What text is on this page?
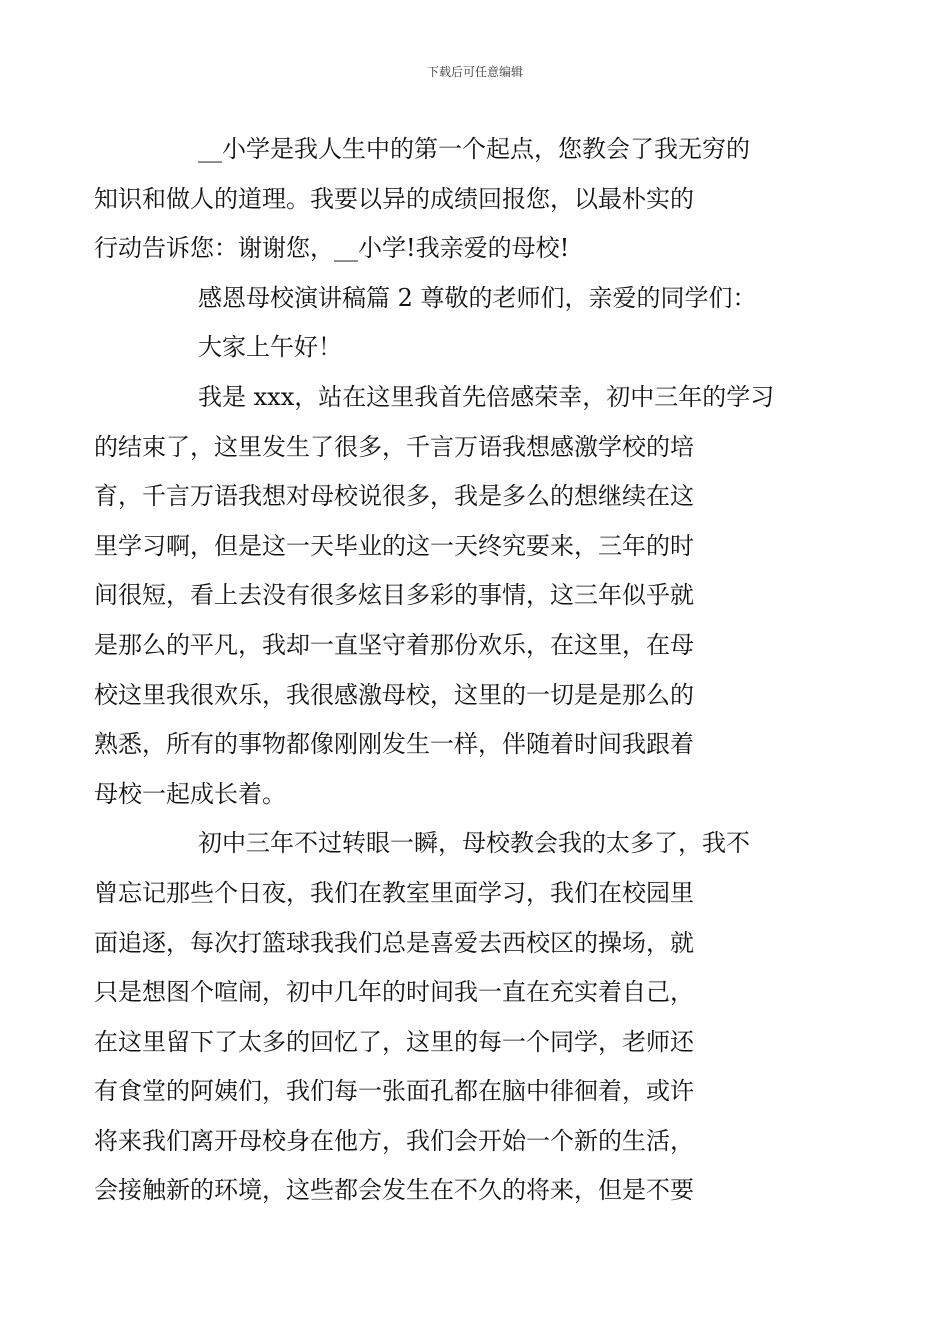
下载后可任意编辑

__小学是我人生中的第一个起点，您教会了我无穷的
知识和做人的道理。我要以异的成绩回报您，以最朴实的
行动告诉您：谢谢您，__小学!我亲爱的母校!

感恩母校演讲稿篇 2 尊敬的老师们，亲爱的同学们：

大家上午好！

我是 xxx，站在这里我首先倍感荣幸，初中三年的学习
的结束了，这里发生了很多，千言万语我想感激学校的培
育，千言万语我想对母校说很多，我是多么的想继续在这
里学习啊，但是这一天毕业的这一天终究要来，三年的时
间很短，看上去没有很多炫目多彩的事情，这三年似乎就
是那么的平凡，我却一直坚守着那份欢乐，在这里，在母
校这里我很欢乐，我很感激母校，这里的一切是是那么的
熟悉，所有的事物都像刚刚发生一样，伴随着时间我跟着
母校一起成长着。

初中三年不过转眼一瞬，母校教会我的太多了，我不
曾忘记那些个日夜，我们在教室里面学习，我们在校园里
面追逐，每次打篮球我我们总是喜爱去西校区的操场，就
只是想图个喧闹，初中几年的时间我一直在充实着自己，
在这里留下了太多的回忆了，这里的每一个同学，老师还
有食堂的阿姨们，我们每一张面孔都在脑中徘徊着，或许
将来我们离开母校身在他方，我们会开始一个新的生活，
会接触新的环境，这些都会发生在不久的将来，但是不要
